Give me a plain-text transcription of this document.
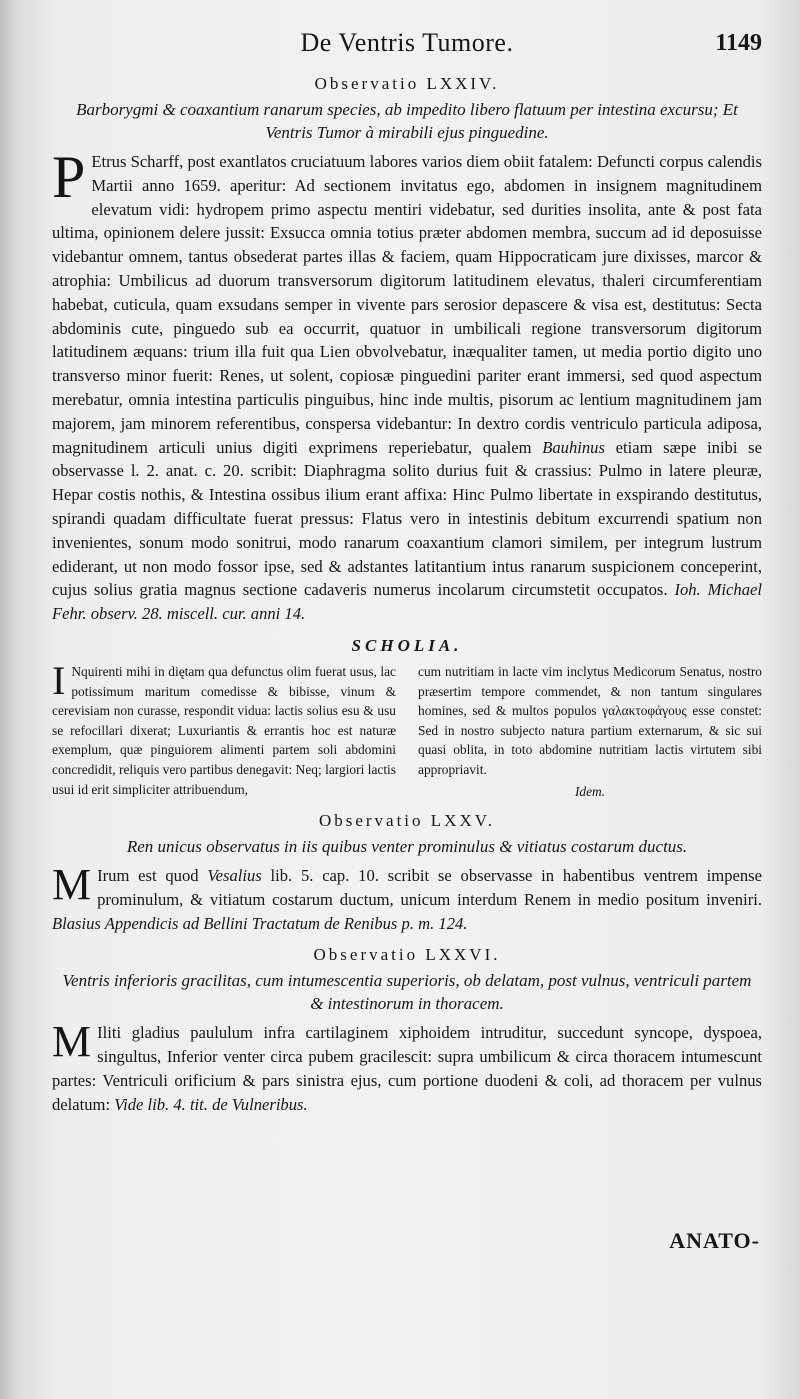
De Ventris Tumore.	1149
Observatio LXXIV.
Barborygmi & coaxantium ranarum species, ab impedito libero flatuum per intestina excursu; Et Ventris Tumor à mirabili ejus pinguedine.

P Etrus Scharff, post exantlatos cruciatuum labores varios diem obiit fatalem: Defuncti corpus calendis Martii anno 1659. aperitur: Ad sectionem invitatus ego, abdomen in insignem magnitudinem elevatum vidi: hydropem primo aspectu mentiri videbatur, sed durities insolita, ante & post fata ultima, opinionem delere jussit: Exsucca omnia totius præter abdomen membra, succum ad id deposuisse videbantur omnem, tantus obsederat partes illas & faciem, quam Hippocraticam jure dixisses, marcor & atrophia: Umbilicus ad duorum transversorum digitorum latitudinem elevatus, thaleri circumferentiam habebat, cuticula, quam exsudans semper in vivente pars serosior depascere & visa est, destitutus: Secta abdominis cute, pinguedo sub ea occurrit, quatuor in umbilicali regione transversorum digitorum latitudinem æquans: trium illa fuit qua Lien obvolvebatur, inæqualiter tamen, ut media portio digito uno transverso minor fuerit: Renes, ut solent, copiosæ pinguedini pariter erant immersi, sed quod aspectum merebatur, omnia intestina particulis pinguibus, hinc inde multis, pisorum ac lentium magnitudinem jam majorem, jam minorem referentibus, conspersa videbantur: In dextro cordis ventriculo particula adiposa, magnitudinem articuli unius digiti exprimens reperiebatur, qualem Bauhinus etiam sæpe inibi se observasse l. 2. anat. c. 20. scribit: Diaphragma solito durius fuit & crassius: Pulmo in latere pleuræ, Hepar costis nothis, & Intestina ossibus ilium erant affixa: Hinc Pulmo libertate in exspirando destitutus, spirandi quadam difficultate fuerat pressus: Flatus vero in intestinis debitum excurrendi spatium non invenientes, sonum modo sonitrui, modo ranarum coaxantium clamori similem, per integrum lustrum ediderant, ut non modo fossor ipse, sed & adstantes latitantium intus ranarum suspicionem conceperint, cujus solius gratia magnus sectione cadaveris numerus incolarum circumstetit occupatos. Ioh. Michael Fehr. observ. 28. miscell. cur. anni 14.

SCHOLIA.

I Nquirenti mihi in diętam qua defunctus olim fuerat usus, lac potissimum maritum comedisse & bibisse, vinum & cerevisiam non curasse, respondit vidua: lactis solius esu & usu se refocillari dixerat; Luxuriantis & errantis hoc est naturæ exemplum, quæ pinguiorem alimenti partem soli abdomini concredidit, reliquis vero partibus denegavit: Neq; largiori lactis usui id erit simpliciter attribuendum,

cum nutritiam in lacte vim inclytus Medicorum Senatus, nostro præsertim tempore commendet, & non tantum singulares homines, sed & multos populos γαλακτοφάγους esse constet: Sed in nostro subjecto natura partium externarum, & sic sui quasi oblita, in toto abdomine nutritiam lactis virtutem sibi appropriavit.

Idem.
Observatio LXXV.
Ren unicus observatus in iis quibus venter prominulus & vitiatus costarum ductus.

M Irum est quod Vesalius lib. 5. cap. 10. scribit se observasse in habentibus ventrem impense prominulum, & vitiatum costarum ductum, unicum interdum Renem in medio positum inveniri. Blasius Appendicis ad Bellini Tractatum de Renibus p. m. 124.

Observatio LXXVI.
Ventris inferioris gracilitas, cum intumescentia superioris, ob delatam, post vulnus, ventriculi partem & intestinorum in thoracem.

M Iliti gladius paululum infra cartilaginem xiphoidem intruditur, succedunt syncope, dyspoea, singultus, Inferior venter circa pubem gracilescit: supra umbilicum & circa thoracem intumescunt partes: Ventriculi orificium & pars sinistra ejus, cum portione duodeni & coli, ad thoracem per vulnus delatum: Vide lib. 4. tit. de Vulneribus.

ANATO-
